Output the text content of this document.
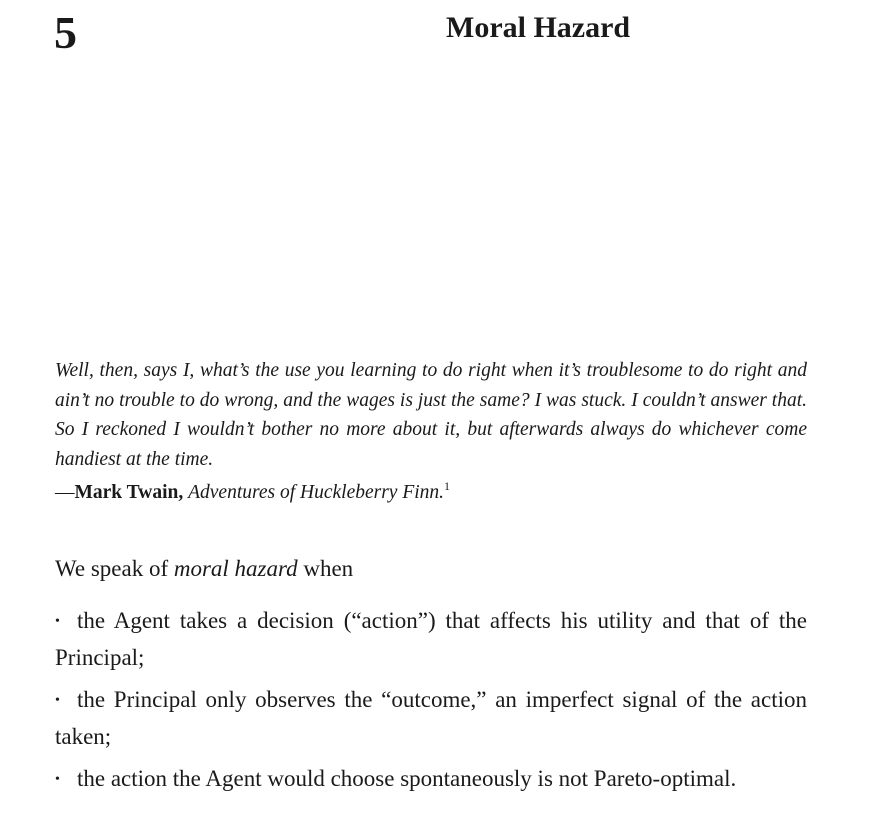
5	Moral Hazard

Well, then, says I, what’s the use you learning to do right when it’s troublesome to do right and ain’t no trouble to do wrong, and the wages is just the same? I was stuck. I couldn’t answer that. So I reckoned I wouldn’t bother no more about it, but afterwards always do whichever come handiest at the time.

—Mark Twain, Adventures of Huckleberry Finn.$^1$

We speak of moral hazard when

• the Agent takes a decision (“action”) that affects his utility and that of the Principal;

• the Principal only observes the “outcome,” an imperfect signal of the action taken;

• the action the Agent would choose spontaneously is not Pareto-optimal.
